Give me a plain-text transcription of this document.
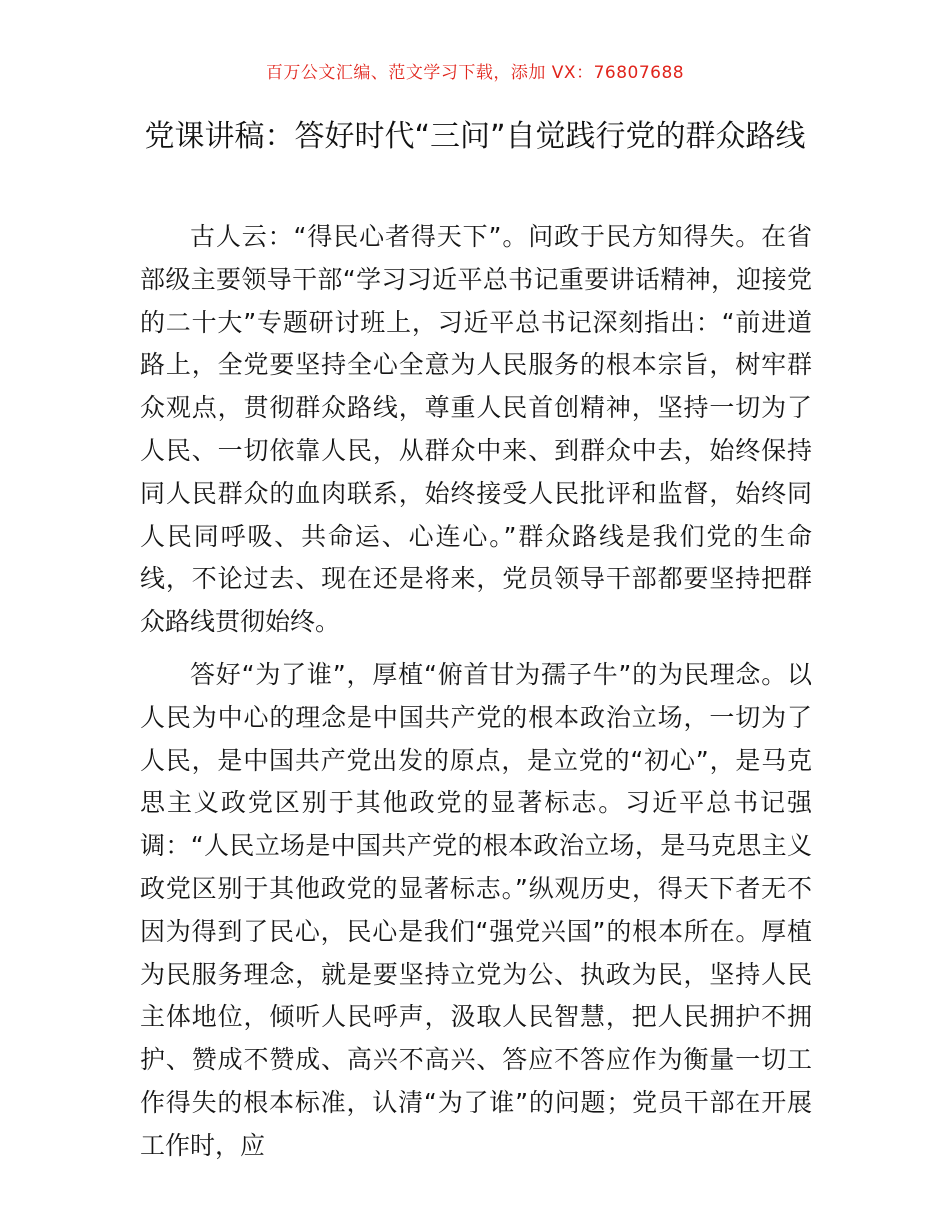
百万公文汇编、范文学习下载，添加 VX：76807688
党课讲稿：答好时代“三问”自觉践行党的群众路线

古人云：“得民心者得天下”。问政于民方知得失。在省部级主要领导干部“学习习近平总书记重要讲话精神，迎接党的二十大”专题研讨班上，习近平总书记深刻指出：“前进道路上，全党要坚持全心全意为人民服务的根本宗旨，树牢群众观点，贯彻群众路线，尊重人民首创精神，坚持一切为了人民、一切依靠人民，从群众中来、到群众中去，始终保持同人民群众的血肉联系，始终接受人民批评和监督，始终同人民同呼吸、共命运、心连心。”群众路线是我们党的生命线，不论过去、现在还是将来，党员领导干部都要坚持把群众路线贯彻始终。

答好“为了谁”，厚植“俯首甘为孺子牛”的为民理念。以人民为中心的理念是中国共产党的根本政治立场，一切为了人民，是中国共产党出发的原点，是立党的“初心”，是马克思主义政党区别于其他政党的显著标志。习近平总书记强调：“人民立场是中国共产党的根本政治立场，是马克思主义政党区别于其他政党的显著标志。”纵观历史，得天下者无不因为得到了民心，民心是我们“强党兴国”的根本所在。厚植为民服务理念，就是要坚持立党为公、执政为民，坚持人民主体地位，倾听人民呼声，汲取人民智慧，把人民拥护不拥护、赞成不赞成、高兴不高兴、答应不答应作为衡量一切工作得失的根本标准，认清“为了谁”的问题；党员干部在开展工作时，应
